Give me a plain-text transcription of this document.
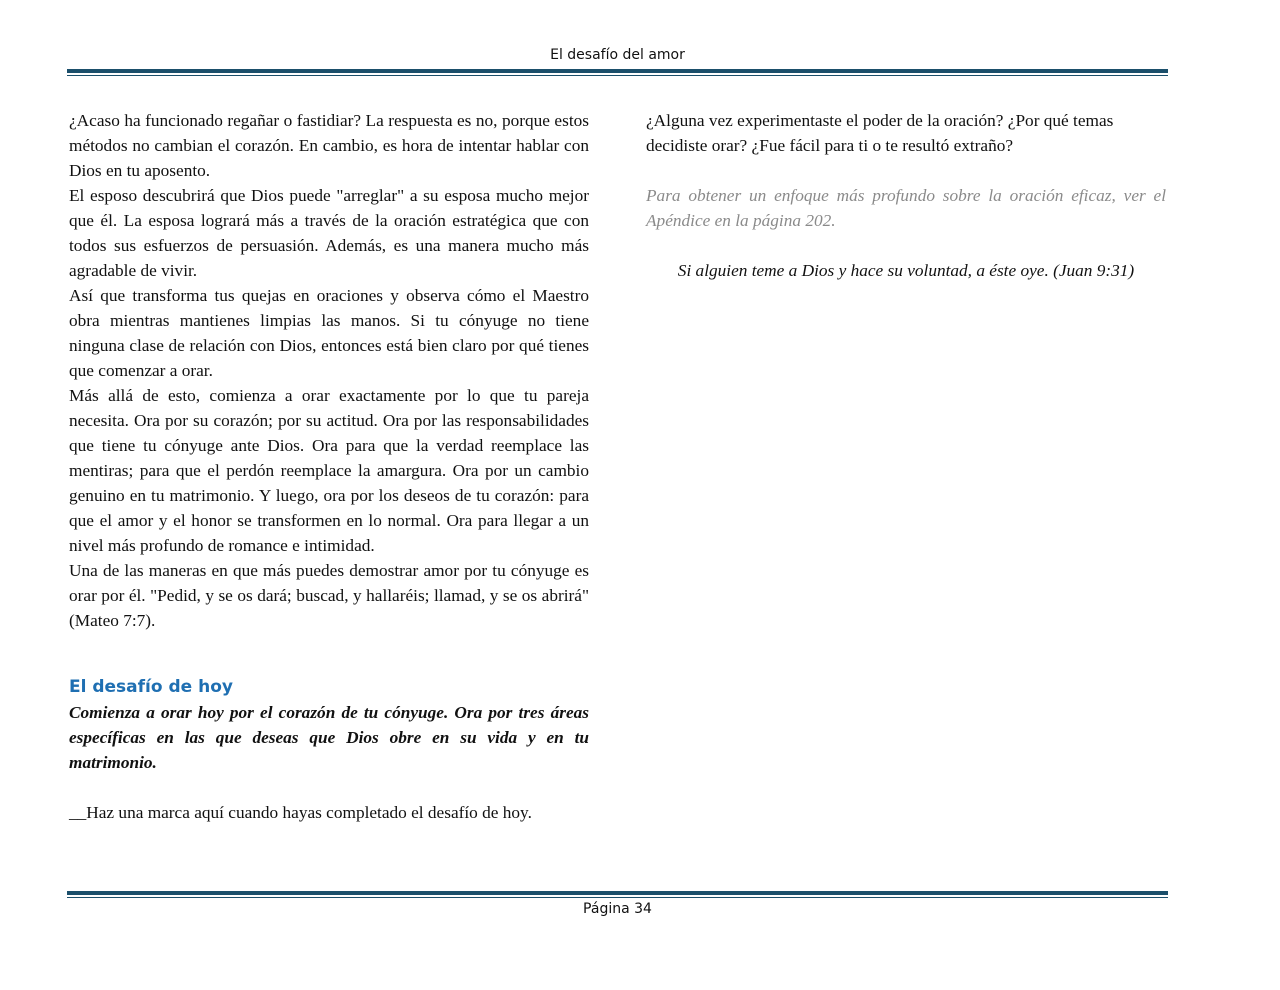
El desafío del amor

¿Acaso ha funcionado regañar o fastidiar? La respuesta es no, porque estos métodos no cambian el corazón. En cambio, es hora de intentar hablar con Dios en tu aposento.

El esposo descubrirá que Dios puede "arreglar" a su esposa mucho mejor que él. La esposa logrará más a través de la oración estratégica que con todos sus esfuerzos de persuasión. Además, es una manera mucho más agradable de vivir.

Así que transforma tus quejas en oraciones y observa cómo el Maestro obra mientras mantienes limpias las manos. Si tu cónyuge no tiene ninguna clase de relación con Dios, entonces está bien claro por qué tienes que comenzar a orar.

Más allá de esto, comienza a orar exactamente por lo que tu pareja necesita. Ora por su corazón; por su actitud. Ora por las responsabilidades que tiene tu cónyuge ante Dios. Ora para que la verdad reemplace las mentiras; para que el perdón reemplace la amargura. Ora por un cambio genuino en tu matrimonio. Y luego, ora por los deseos de tu corazón: para que el amor y el honor se transformen en lo normal. Ora para llegar a un nivel más profundo de romance e intimidad.

Una de las maneras en que más puedes demostrar amor por tu cónyuge es orar por él. "Pedid, y se os dará; buscad, y hallaréis; llamad, y se os abrirá" (Mateo 7:7).

El desafío de hoy

Comienza a orar hoy por el corazón de tu cónyuge. Ora por tres áreas específicas en las que deseas que Dios obre en su vida y en tu matrimonio.

__Haz una marca aquí cuando hayas completado el desafío de hoy.

¿Alguna vez experimentaste el poder de la oración? ¿Por qué temas decidiste orar? ¿Fue fácil para ti o te resultó extraño?

Para obtener un enfoque más profundo sobre la oración eficaz, ver el Apéndice en la página 202.

Si alguien teme a Dios y hace su voluntad, a éste oye. (Juan 9:31)

Página 34
